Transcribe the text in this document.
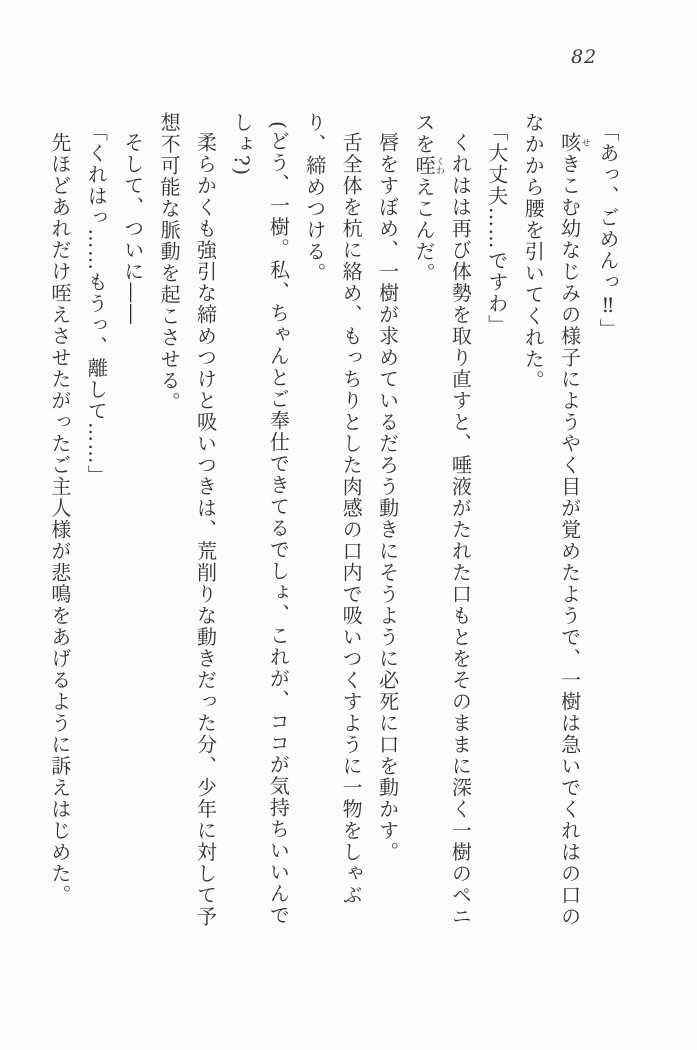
82

「あっ、ごめんっ‼」

咳せきこむ幼なじみの様子にようやく目が覚めたようで、一樹は急いでくれはの口のなかから腰を引いてくれた。

「大丈夫……ですわ」

くれはは再び体勢を取り直すと、唾液がたれた口もとをそのままに深く一樹のペニスを咥くわえこんだ。

唇をすぼめ、一樹が求めているだろう動きにそうように必死に口を動かす。

舌全体を杭に絡め、もっちりとした肉感の口内で吸いつくすように一物をしゃぶり、締めつける。

(どう、一樹。私、ちゃんとご奉仕できてるでしょ、これが、ココが気持ちいいんでしょ?)

柔らかくも強引な締めつけと吸いつきは、荒削りな動きだった分、少年に対して予想不可能な脈動を起こさせる。

そして、ついに――

「くれはっ……もうっ、離して……」

先ほどあれだけ咥えさせたがったご主人様が悲鳴をあげるように訴えはじめた。
